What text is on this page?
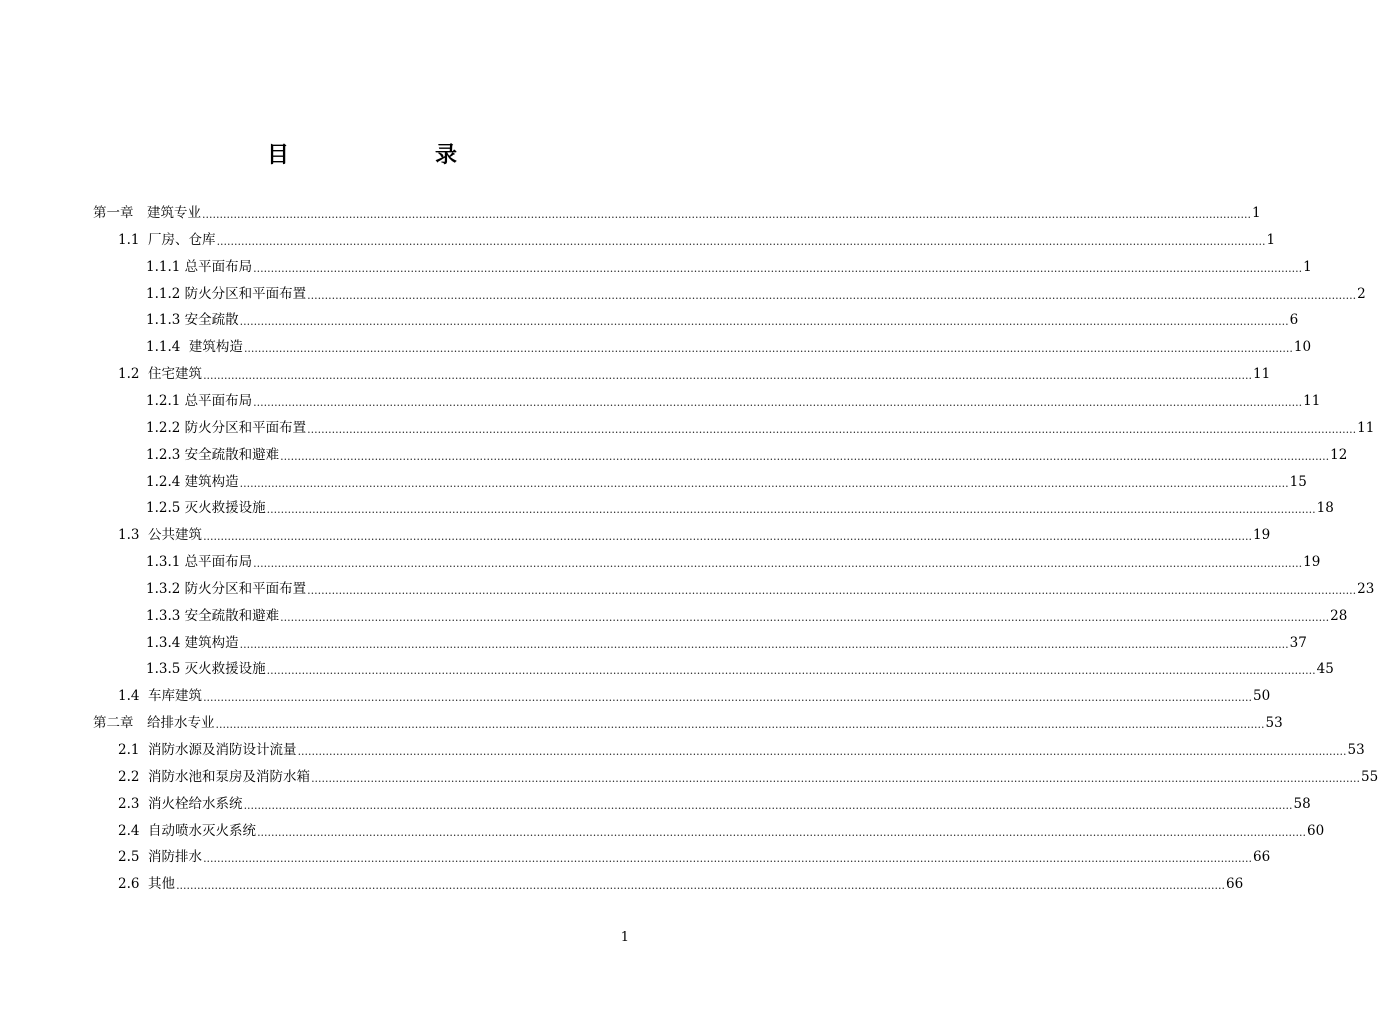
目　　录
第一章　建筑专业 ............................................................................................................................................................................................................................................................................................................ 1
1.1  厂房、仓库 ............................................................................................................................................................................................................................................................................................................ 1
1.1.1 总平面布局 ............................................................................................................................................................................................................................................................................................................ 1
1.1.2 防火分区和平面布置 ............................................................................................................................................................................................................................................................................................................ 2
1.1.3 安全疏散 ............................................................................................................................................................................................................................................................................................................ 6
1.1.4  建筑构造 ............................................................................................................................................................................................................................................................................................................ 10
1.2  住宅建筑 ............................................................................................................................................................................................................................................................................................................ 11
1.2.1 总平面布局 ............................................................................................................................................................................................................................................................................................................ 11
1.2.2 防火分区和平面布置 ............................................................................................................................................................................................................................................................................................................ 11
1.2.3 安全疏散和避难 ............................................................................................................................................................................................................................................................................................................ 12
1.2.4 建筑构造 ............................................................................................................................................................................................................................................................................................................ 15
1.2.5 灭火救援设施 ............................................................................................................................................................................................................................................................................................................ 18
1.3  公共建筑 ............................................................................................................................................................................................................................................................................................................ 19
1.3.1 总平面布局 ............................................................................................................................................................................................................................................................................................................ 19
1.3.2 防火分区和平面布置 ............................................................................................................................................................................................................................................................................................................ 23
1.3.3 安全疏散和避难 ............................................................................................................................................................................................................................................................................................................ 28
1.3.4 建筑构造 ............................................................................................................................................................................................................................................................................................................ 37
1.3.5 灭火救援设施 ............................................................................................................................................................................................................................................................................................................ 45
1.4  车库建筑 ............................................................................................................................................................................................................................................................................................................ 50
第二章　给排水专业 ............................................................................................................................................................................................................................................................................................................ 53
2.1  消防水源及消防设计流量 ............................................................................................................................................................................................................................................................................................................ 53
2.2  消防水池和泵房及消防水箱 ............................................................................................................................................................................................................................................................................................................ 55
2.3  消火栓给水系统 ............................................................................................................................................................................................................................................................................................................ 58
2.4  自动喷水灭火系统 ............................................................................................................................................................................................................................................................................................................ 60
2.5  消防排水 ............................................................................................................................................................................................................................................................................................................ 66
2.6  其他 ............................................................................................................................................................................................................................................................................................................ 66
1
